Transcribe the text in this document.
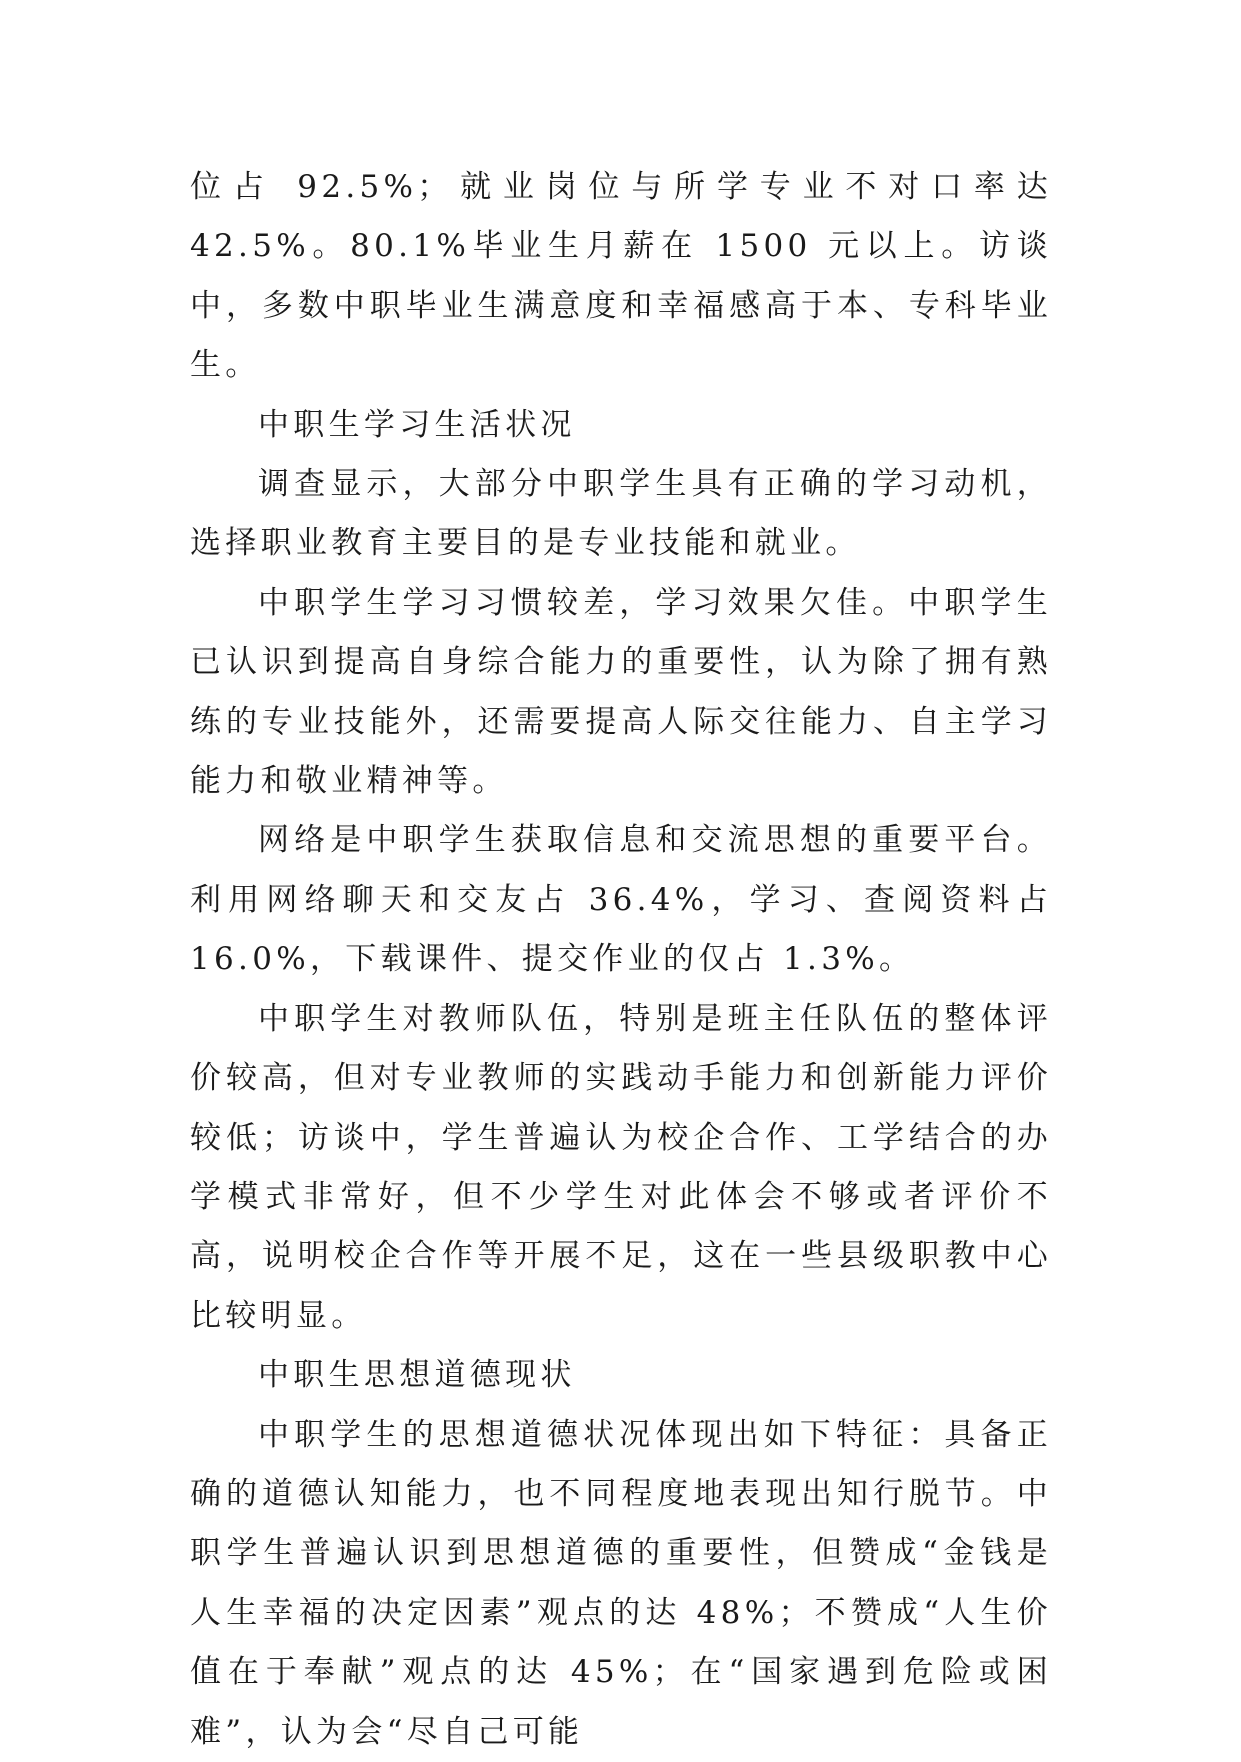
位占 92.5%；就业岗位与所学专业不对口率达 42.5%。80.1%毕业生月薪在 1500 元以上。访谈中，多数中职毕业生满意度和幸福感高于本、专科毕业生。

中职生学习生活状况

调查显示，大部分中职学生具有正确的学习动机，选择职业教育主要目的是专业技能和就业。

中职学生学习习惯较差，学习效果欠佳。中职学生已认识到提高自身综合能力的重要性，认为除了拥有熟练的专业技能外，还需要提高人际交往能力、自主学习能力和敬业精神等。

网络是中职学生获取信息和交流思想的重要平台。利用网络聊天和交友占 36.4%，学习、查阅资料占 16.0%，下载课件、提交作业的仅占 1.3%。

中职学生对教师队伍，特别是班主任队伍的整体评价较高，但对专业教师的实践动手能力和创新能力评价较低；访谈中，学生普遍认为校企合作、工学结合的办学模式非常好，但不少学生对此体会不够或者评价不高，说明校企合作等开展不足，这在一些县级职教中心比较明显。

中职生思想道德现状

中职学生的思想道德状况体现出如下特征：具备正确的道德认知能力，也不同程度地表现出知行脱节。中职学生普遍认识到思想道德的重要性，但赞成“金钱是人生幸福的决定因素”观点的达 48%；不赞成“人生价值在于奉献”观点的达 45%；在“国家遇到危险或困难”，认为会“尽自己可能
